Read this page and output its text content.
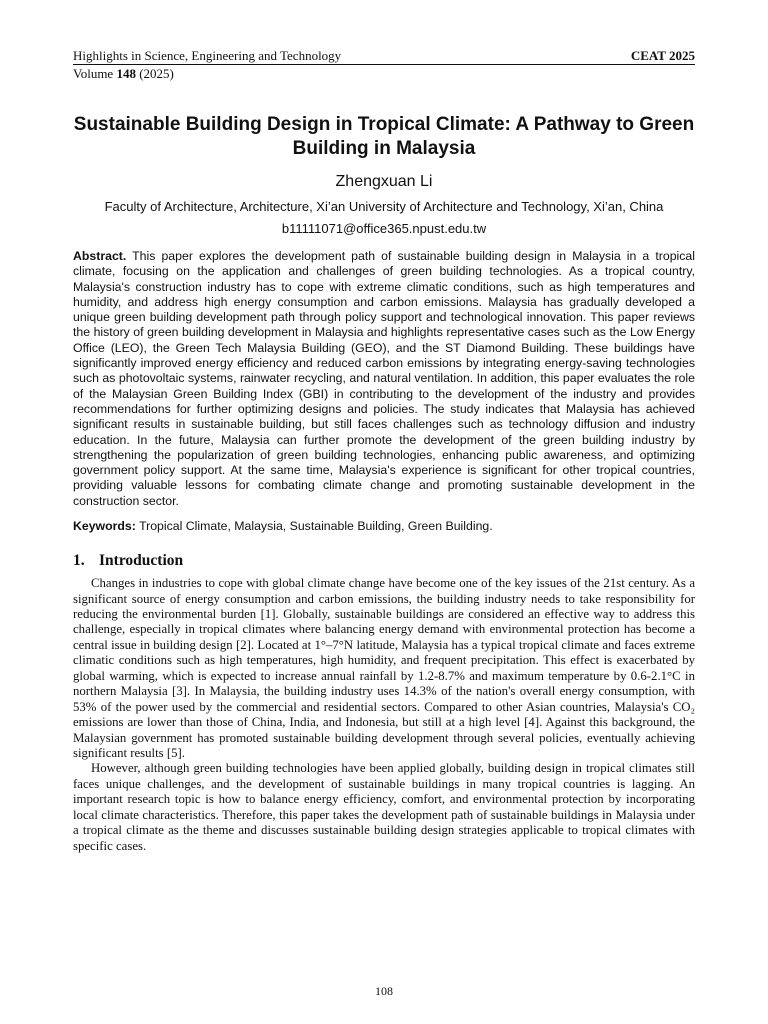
Highlights in Science, Engineering and Technology	CEAT 2025
Volume 148 (2025)
Sustainable Building Design in Tropical Climate: A Pathway to Green Building in Malaysia
Zhengxuan Li
Faculty of Architecture, Architecture, Xi’an University of Architecture and Technology, Xi’an, China
b11111071@office365.npust.edu.tw
Abstract. This paper explores the development path of sustainable building design in Malaysia in a tropical climate, focusing on the application and challenges of green building technologies. As a tropical country, Malaysia's construction industry has to cope with extreme climatic conditions, such as high temperatures and humidity, and address high energy consumption and carbon emissions. Malaysia has gradually developed a unique green building development path through policy support and technological innovation. This paper reviews the history of green building development in Malaysia and highlights representative cases such as the Low Energy Office (LEO), the Green Tech Malaysia Building (GEO), and the ST Diamond Building. These buildings have significantly improved energy efficiency and reduced carbon emissions by integrating energy-saving technologies such as photovoltaic systems, rainwater recycling, and natural ventilation. In addition, this paper evaluates the role of the Malaysian Green Building Index (GBI) in contributing to the development of the industry and provides recommendations for further optimizing designs and policies. The study indicates that Malaysia has achieved significant results in sustainable building, but still faces challenges such as technology diffusion and industry education. In the future, Malaysia can further promote the development of the green building industry by strengthening the popularization of green building technologies, enhancing public awareness, and optimizing government policy support. At the same time, Malaysia's experience is significant for other tropical countries, providing valuable lessons for combating climate change and promoting sustainable development in the construction sector.
Keywords: Tropical Climate, Malaysia, Sustainable Building, Green Building.
1. Introduction

Changes in industries to cope with global climate change have become one of the key issues of the 21st century. As a significant source of energy consumption and carbon emissions, the building industry needs to take responsibility for reducing the environmental burden [1]. Globally, sustainable buildings are considered an effective way to address this challenge, especially in tropical climates where balancing energy demand with environmental protection has become a central issue in building design [2]. Located at 1°–7°N latitude, Malaysia has a typical tropical climate and faces extreme climatic conditions such as high temperatures, high humidity, and frequent precipitation. This effect is exacerbated by global warming, which is expected to increase annual rainfall by 1.2-8.7% and maximum temperature by 0.6-2.1°C in northern Malaysia [3]. In Malaysia, the building industry uses 14.3% of the nation's overall energy consumption, with 53% of the power used by the commercial and residential sectors. Compared to other Asian countries, Malaysia's CO₂ emissions are lower than those of China, India, and Indonesia, but still at a high level [4]. Against this background, the Malaysian government has promoted sustainable building development through several policies, eventually achieving significant results [5].

However, although green building technologies have been applied globally, building design in tropical climates still faces unique challenges, and the development of sustainable buildings in many tropical countries is lagging. An important research topic is how to balance energy efficiency, comfort, and environmental protection by incorporating local climate characteristics. Therefore, this paper takes the development path of sustainable buildings in Malaysia under a tropical climate as the theme and discusses sustainable building design strategies applicable to tropical climates with specific cases.

108
